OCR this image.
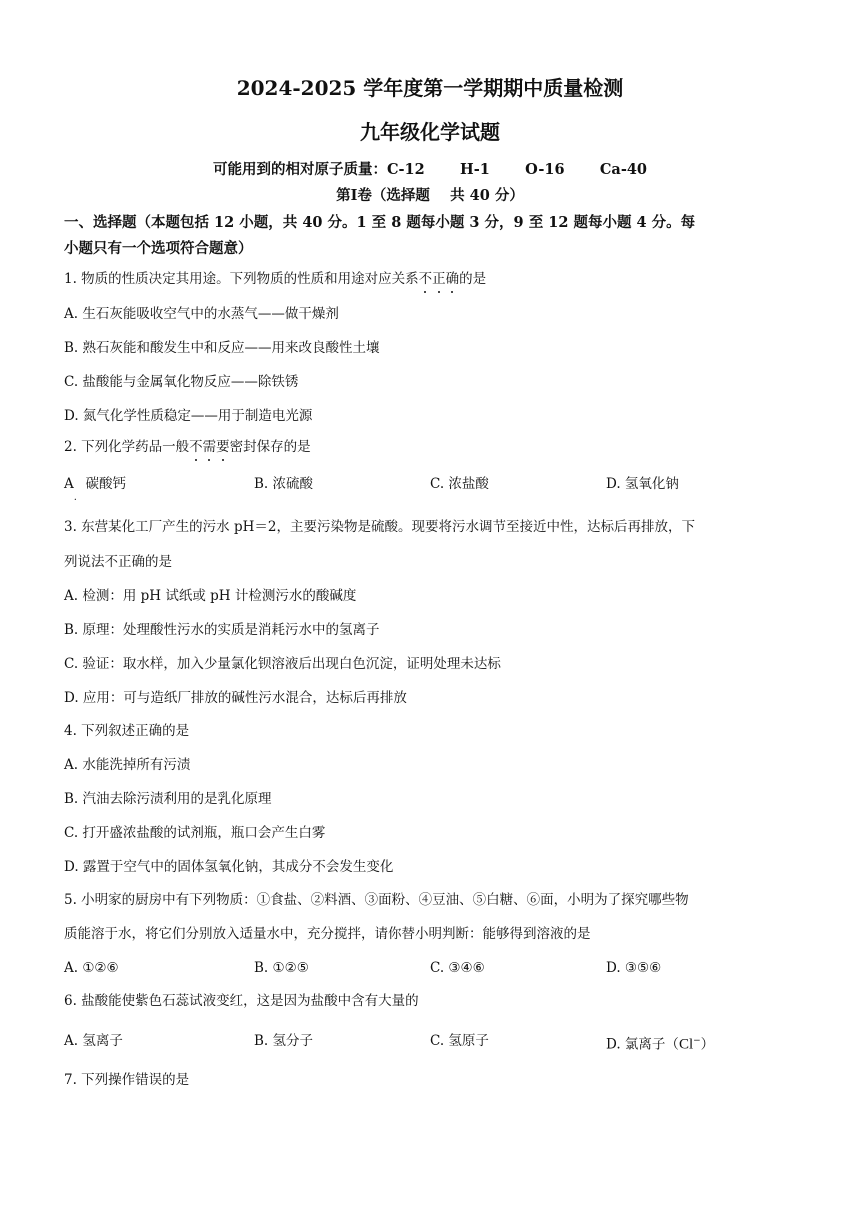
2024-2025 学年度第一学期期中质量检测
九年级化学试题
可能用到的相对原子质量：C-12       H-1       O-16       Ca-40
第Ⅰ卷（选择题    共 40 分）
一、选择题（本题包括 12 小题，共 40 分。1 至 8 题每小题 3 分，9 至 12 题每小题 4 分。每
小题只有一个选项符合题意）
1. 物质的性质决定其用途。下列物质的性质和用途对应关系不正确的是
A. 生石灰能吸收空气中的水蒸气——做干燥剂
B. 熟石灰能和酸发生中和反应——用来改良酸性土壤
C. 盐酸能与金属氧化物反应——除铁锈
D. 氮气化学性质稳定——用于制造电光源
2. 下列化学药品一般不需要密封保存的是
$A_.$  碳酸钙	B. 浓硫酸	C. 浓盐酸	D. 氢氧化钠
3. 东营某化工厂产生的污水 pH＝2，主要污染物是硫酸。现要将污水调节至接近中性，达标后再排放，下
列说法不正确的是
A. 检测：用 pH 试纸或 pH 计检测污水的酸碱度
B. 原理：处理酸性污水的实质是消耗污水中的氢离子
C. 验证：取水样，加入少量氯化钡溶液后出现白色沉淀，证明处理未达标
D. 应用：可与造纸厂排放的碱性污水混合，达标后再排放
4. 下列叙述正确的是
A. 水能洗掉所有污渍
B. 汽油去除污渍利用的是乳化原理
C. 打开盛浓盐酸的试剂瓶，瓶口会产生白雾
D. 露置于空气中的固体氢氧化钠，其成分不会发生变化
5. 小明家的厨房中有下列物质：①食盐、②料酒、③面粉、④豆油、⑤白糖、⑥面，小明为了探究哪些物
质能溶于水，将它们分别放入适量水中，充分搅拌，请你替小明判断：能够得到溶液的是
A. ①②⑥	B. ①②⑤	C. ③④⑥	D. ③⑤⑥
6. 盐酸能使紫色石蕊试液变红，这是因为盐酸中含有大量的
A. 氢离子	B. 氢分子	C. 氢原子	D. 氯离子（Cl−）
7. 下列操作错误的是
